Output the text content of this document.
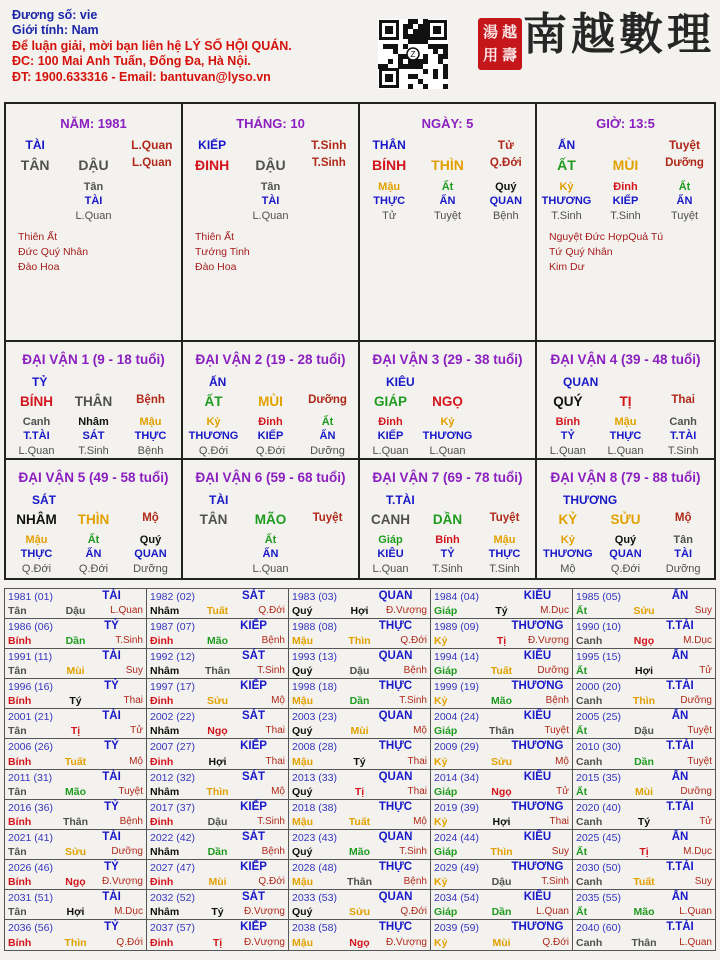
Đương số: vie
Giới tính: Nam
Để luận giải, mời bạn liên hệ LÝ SỐ HỘI QUÁN.
ĐC: 100 Mai Anh Tuấn, Đống Đa, Hà Nội.
ĐT: 1900.633316 - Email: bantuvan@lyso.vn
Z
湯 越
用 壽 南越數理
NĂM: 1981
TÀI	L.Quan
TÂN	DẬU	L.Quan
Tân
TÀI
L.Quan
Thiên Ất
Đức Quý Nhân
Đào Hoa
THÁNG: 10
KIẾP	T.Sinh
ĐINH	DẬU	T.Sinh
Tân
TÀI
L.Quan
Thiên Ất
Tướng Tinh
Đào Hoa
NGÀY: 5
THÂN	Tử
BÍNH	THÌN	Q.Đới
Mậu	Ất	Quý
THỰC	ẤN	QUAN
Tử	Tuyệt	Bệnh
GIỜ: 13:5
ẤN	Tuyệt
ẤT	MÙI	Dưỡng
Kỷ	Đinh	Ất
THƯƠNG	KIẾP	ẤN
T.Sinh	T.Sinh	Tuyệt
Nguyệt Đức HợpQuả Tú
Tứ Quý Nhân
Kim Dư
ĐẠI VẬN 1 (9 - 18 tuổi)
TỶ
BÍNH	THÂN	Bệnh
Canh	Nhâm	Mậu
T.TÀI	SÁT	THỰC
L.Quan	T.Sinh	Bệnh
ĐẠI VẬN 2 (19 - 28 tuổi)
ẤN
ẤT	MÙI	Dưỡng
Kỷ	Đinh	Ất
THƯƠNG	KIẾP	ẤN
Q.Đới	Q.Đới	Dưỡng
ĐẠI VẬN 3 (29 - 38 tuổi)
KIÊU
GIÁP	NGỌ
Đinh	Kỷ
KIẾP	THƯƠNG
L.Quan	L.Quan
ĐẠI VẬN 4 (39 - 48 tuổi)
QUAN
QUÝ	TỊ	Thai
Bính	Mậu	Canh
TỶ	THỰC	T.TÀI
L.Quan	L.Quan	T.Sinh
ĐẠI VẬN 5 (49 - 58 tuổi)
SÁT
NHÂM	THÌN	Mộ
Mậu	Ất	Quý
THỰC	ẤN	QUAN
Q.Đới	Q.Đới	Dưỡng
ĐẠI VẬN 6 (59 - 68 tuổi)
TÀI
TÂN	MÃO	Tuyệt
Ất
ẤN
L.Quan
ĐẠI VẬN 7 (69 - 78 tuổi)
T.TÀI
CANH	DẦN	Tuyệt
Giáp	Bính	Mậu
KIÊU	TỶ	THỰC
L.Quan	T.Sinh	T.Sinh
ĐẠI VẬN 8 (79 - 88 tuổi)
THƯƠNG
KỶ	SỬU	Mộ
Kỷ	Quý	Tân
THƯƠNG	QUAN	TÀI
Mộ	Q.Đới	Dưỡng
1981 (01)	TÀI
Tân	Dậu	L.Quan
1982 (02)	SÁT
Nhâm	Tuất	Q.Đới
1983 (03)	QUAN
Quý	Hợi	Đ.Vượng
1984 (04)	KIÊU
Giáp	Tý	M.Dục
1985 (05)	ẤN
Ất	Sửu	Suy
1986 (06)	TỶ
Bính	Dần	T.Sinh
1987 (07)	KIẾP
Đinh	Mão	Bệnh
1988 (08)	THỰC
Mậu	Thìn	Q.Đới
1989 (09)	THƯƠNG
Kỷ	Tị	Đ.Vượng
1990 (10)	T.TÀI
Canh	Ngọ	M.Dục
1991 (11)	TÀI
Tân	Mùi	Suy
1992 (12)	SÁT
Nhâm	Thân	T.Sinh
1993 (13)	QUAN
Quý	Dậu	Bệnh
1994 (14)	KIÊU
Giáp	Tuất	Dưỡng
1995 (15)	ẤN
Ất	Hợi	Tử
1996 (16)	TỶ
Bính	Tý	Thai
1997 (17)	KIẾP
Đinh	Sửu	Mộ
1998 (18)	THỰC
Mậu	Dần	T.Sinh
1999 (19)	THƯƠNG
Kỷ	Mão	Bệnh
2000 (20)	T.TÀI
Canh	Thìn	Dưỡng
2001 (21)	TÀI
Tân	Tị	Tử
2002 (22)	SÁT
Nhâm	Ngọ	Thai
2003 (23)	QUAN
Quý	Mùi	Mộ
2004 (24)	KIÊU
Giáp	Thân	Tuyệt
2005 (25)	ẤN
Ất	Dậu	Tuyệt
2006 (26)	TỶ
Bính	Tuất	Mộ
2007 (27)	KIẾP
Đinh	Hợi	Thai
2008 (28)	THỰC
Mậu	Tý	Thai
2009 (29)	THƯƠNG
Kỷ	Sửu	Mộ
2010 (30)	T.TÀI
Canh	Dần	Tuyệt
2011 (31)	TÀI
Tân	Mão	Tuyệt
2012 (32)	SÁT
Nhâm	Thìn	Mộ
2013 (33)	QUAN
Quý	Tị	Thai
2014 (34)	KIÊU
Giáp	Ngọ	Tử
2015 (35)	ẤN
Ất	Mùi	Dưỡng
2016 (36)	TỶ
Bính	Thân	Bệnh
2017 (37)	KIẾP
Đinh	Dậu	T.Sinh
2018 (38)	THỰC
Mậu	Tuất	Mộ
2019 (39)	THƯƠNG
Kỷ	Hợi	Thai
2020 (40)	T.TÀI
Canh	Tý	Tử
2021 (41)	TÀI
Tân	Sửu	Dưỡng
2022 (42)	SÁT
Nhâm	Dần	Bệnh
2023 (43)	QUAN
Quý	Mão	T.Sinh
2024 (44)	KIÊU
Giáp	Thìn	Suy
2025 (45)	ẤN
Ất	Tị	M.Dục
2026 (46)	TỶ
Bính	Ngọ	Đ.Vượng
2027 (47)	KIẾP
Đinh	Mùi	Q.Đới
2028 (48)	THỰC
Mậu	Thân	Bệnh
2029 (49)	THƯƠNG
Kỷ	Dậu	T.Sinh
2030 (50)	T.TÀI
Canh	Tuất	Suy
2031 (51)	TÀI
Tân	Hợi	M.Dục
2032 (52)	SÁT
Nhâm	Tý	Đ.Vượng
2033 (53)	QUAN
Quý	Sửu	Q.Đới
2034 (54)	KIÊU
Giáp	Dần	L.Quan
2035 (55)	ẤN
Ất	Mão	L.Quan
2036 (56)	TỶ
Bính	Thìn	Q.Đới
2037 (57)	KIẾP
Đinh	Tị	Đ.Vượng
2038 (58)	THỰC
Mậu	Ngọ	Đ.Vượng
2039 (59)	THƯƠNG
Kỷ	Mùi	Q.Đới
2040 (60)	T.TÀI
Canh	Thân	L.Quan
